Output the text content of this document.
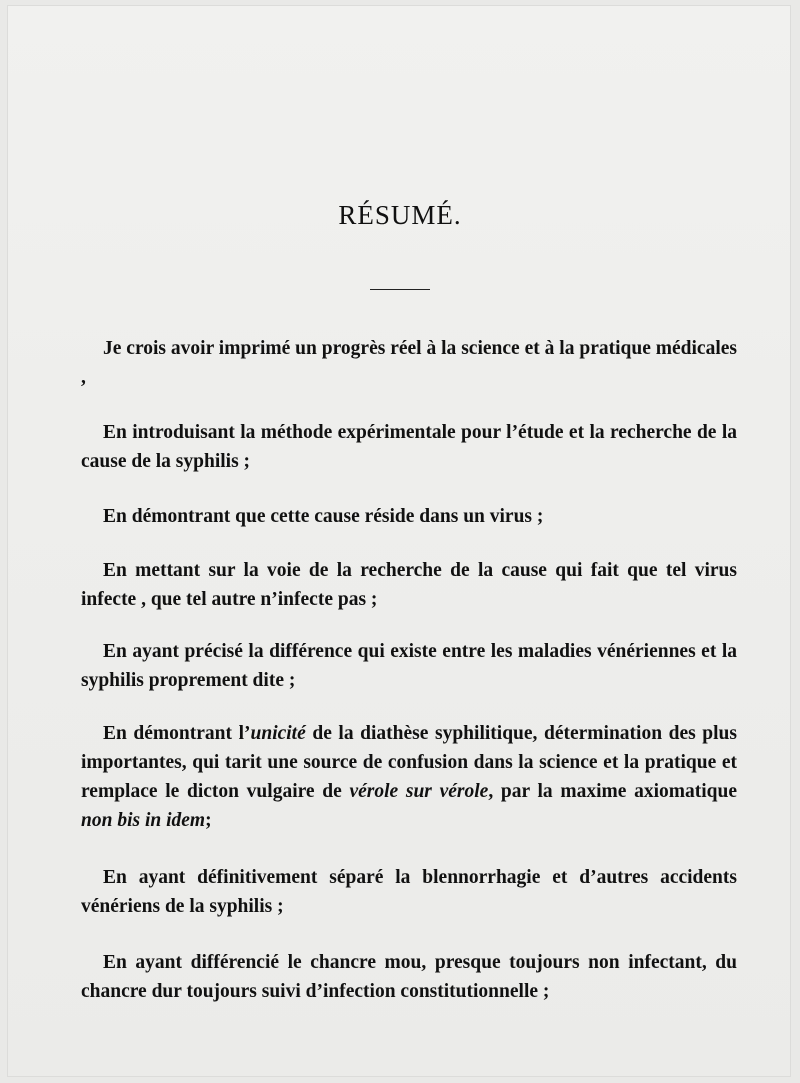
RÉSUMÉ.

Je crois avoir imprimé un progrès réel à la science et à la pratique médicales ,

En introduisant la méthode expérimentale pour l’étude et la recherche de la cause de la syphilis ;

En démontrant que cette cause réside dans un virus ;

En mettant sur la voie de la recherche de la cause qui fait que tel virus infecte , que tel autre n’infecte pas ;

En ayant précisé la différence qui existe entre les maladies vénériennes et la syphilis proprement dite ;

En démontrant l’unicité de la diathèse syphilitique, détermination des plus importantes, qui tarit une source de confusion dans la science et la pratique et remplace le dicton vulgaire de vérole sur vérole, par la maxime axiomatique non bis in idem;

En ayant définitivement séparé la blennorrhagie et d’autres accidents vénériens de la syphilis ;

En ayant différencié le chancre mou, presque toujours non infectant, du chancre dur toujours suivi d’infection constitutionnelle ;
